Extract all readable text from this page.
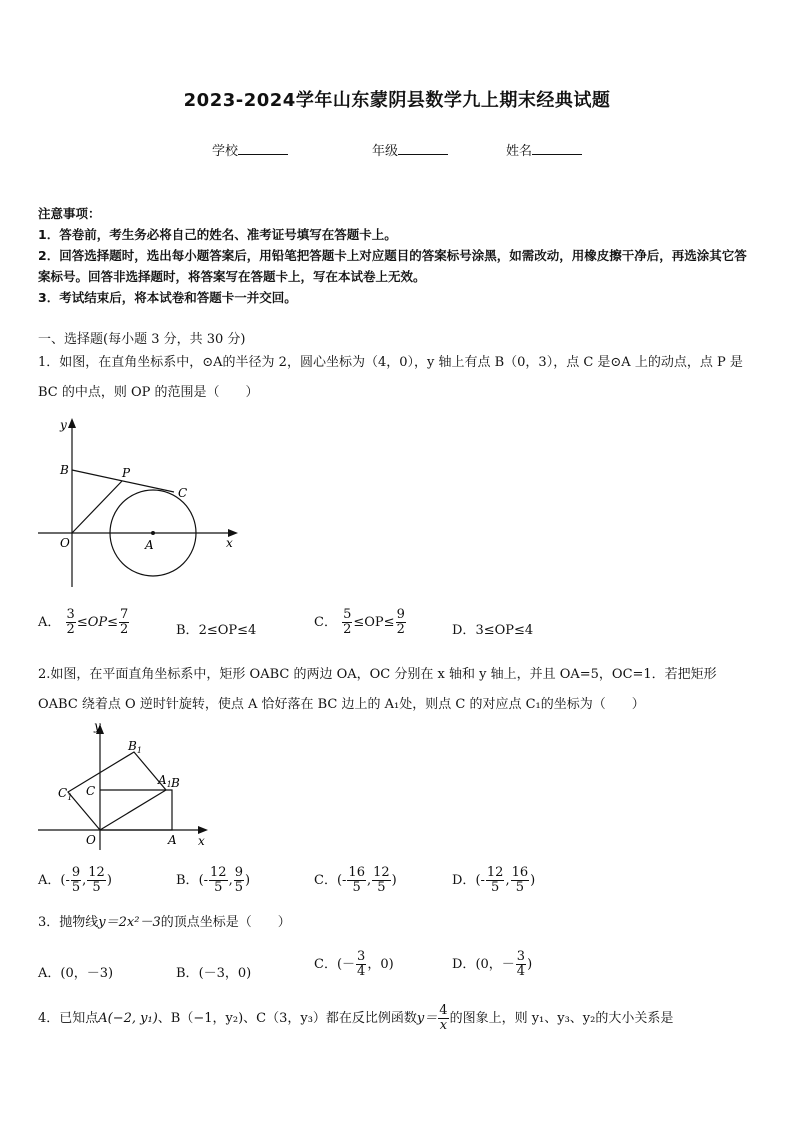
2023-2024学年山东蒙阴县数学九上期末经典试题
学校	年级	姓名

注意事项：

1．答卷前，考生务必将自己的姓名、准考证号填写在答题卡上。

2．回答选择题时，选出每小题答案后，用铅笔把答题卡上对应题目的答案标号涂黑，如需改动，用橡皮擦干净后，再选涂其它答案标号。回答非选择题时，将答案写在答题卡上，写在本试卷上无效。

3．考试结束后，将本试卷和答题卡一并交回。

一、选择题(每小题 3 分，共 30 分)

1．如图，在直角坐标系中，⊙A的半径为 2，圆心坐标为（4，0），y 轴上有点 B（0，3），点 C 是⊙A 上的动点，点 P 是 BC 的中点，则 OP 的范围是（　　）

y
B	P
C
O	A	x
A． $\frac{3}{2} \le OP\le \frac{7}{2}$	B．2≤OP≤4
C． $\frac{5}{2} \le OP\le \frac{9}{2}$	D．3≤OP≤4

2.如图，在平面直角坐标系中，矩形 OABC 的两边 OA，OC 分别在 x 轴和 y 轴上，并且 OA=5，OC=1．若把矩形 OABC 绕着点 O 逆时针旋转，使点 A 恰好落在 BC 边上的 A₁处，则点 C 的对应点 C₁的坐标为（　　）

y
$B_1$
$A_1$ B
$C_1$ C
O	A x
A．(- $\frac{9}{5}$ , $\frac{12}{5}$ )	B．(- $\frac{12}{5}$ , $\frac{9}{5}$ )	C．(- $\frac{16}{5}$ , $\frac{12}{5}$ )	D．(- $\frac{12}{5}$ , $\frac{16}{5}$ )

3．抛物线y＝2x²－3的顶点坐标是（　　）

A．(0，－3)	B．(－3，0)
C．(－ $\frac{3}{4}$ ，0)	D．(0，－ $\frac{3}{4}$ )

4．已知点A(−2, y₁)、B（−1，y₂)、C（3，y₃）都在反比例函数$y= \frac{4}{x}$ 的图象上，则 y₁、y₃、y₂的大小关系是
